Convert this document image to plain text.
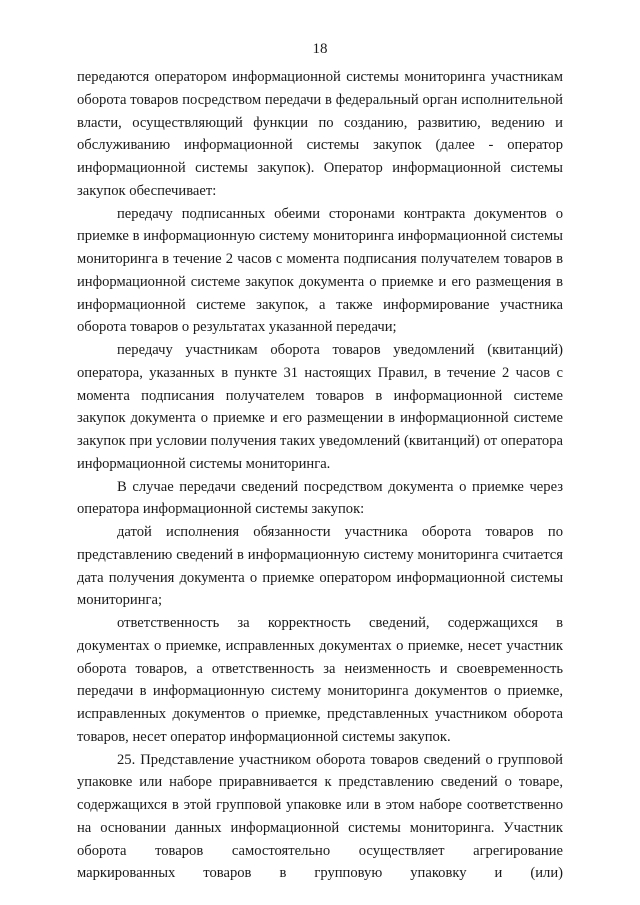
18

передаются оператором информационной системы мониторинга участникам оборота товаров посредством передачи в федеральный орган исполнительной власти, осуществляющий функции по созданию, развитию, ведению и обслуживанию информационной системы закупок (далее - оператор информационной системы закупок). Оператор информационной системы закупок обеспечивает:

передачу подписанных обеими сторонами контракта документов о приемке в информационную систему мониторинга информационной системы мониторинга в течение 2 часов с момента подписания получателем товаров в информационной системе закупок документа о приемке и его размещения в информационной системе закупок, а также информирование участника оборота товаров о результатах указанной передачи;

передачу участникам оборота товаров уведомлений (квитанций) оператора, указанных в пункте 31 настоящих Правил, в течение 2 часов с момента подписания получателем товаров в информационной системе закупок документа о приемке и его размещении в информационной системе закупок при условии получения таких уведомлений (квитанций) от оператора информационной системы мониторинга.

В случае передачи сведений посредством документа о приемке через оператора информационной системы закупок:

датой исполнения обязанности участника оборота товаров по представлению сведений в информационную систему мониторинга считается дата получения документа о приемке оператором информационной системы мониторинга;

ответственность за корректность сведений, содержащихся в документах о приемке, исправленных документах о приемке, несет участник оборота товаров, а ответственность за неизменность и своевременность передачи в информационную систему мониторинга документов о приемке, исправленных документов о приемке, представленных участником оборота товаров, несет оператор информационной системы закупок.

25. Представление участником оборота товаров сведений о групповой упаковке или наборе приравнивается к представлению сведений о товаре, содержащихся в этой групповой упаковке или в этом наборе соответственно на основании данных информационной системы мониторинга. Участник оборота товаров самостоятельно осуществляет агрегирование маркированных товаров в групповую упаковку и (или)
